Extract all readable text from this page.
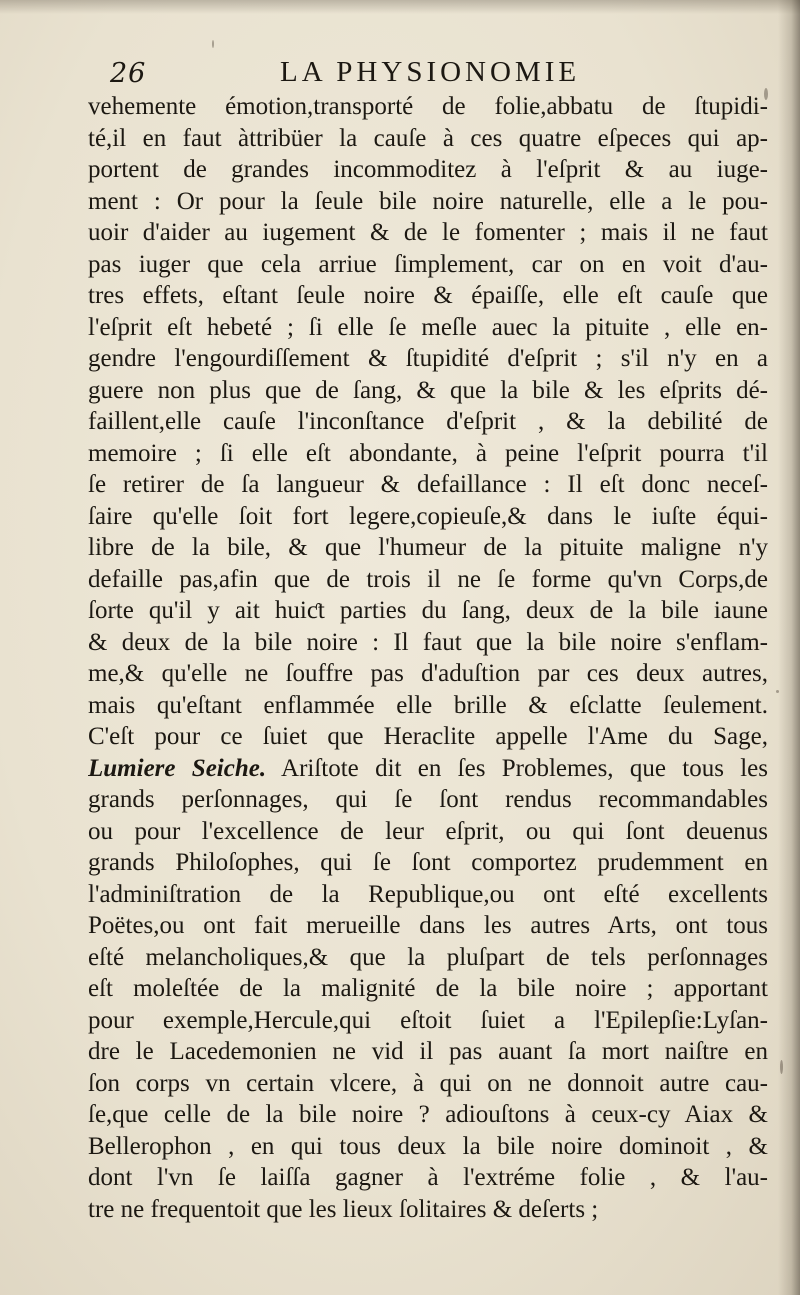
26	LA PHYSIONOMIE
vehemente émotion,transporté de folie,abbatu de ſtupidi-
té,il en faut àttribüer la cauſe à ces quatre eſpeces qui ap-
portent de grandes incommoditez à l'eſprit & au iuge-
ment : Or pour la ſeule bile noire naturelle, elle a le pou-
uoir d'aider au iugement & de le fomenter ; mais il ne faut
pas iuger que cela arriue ſimplement, car on en voit d'au-
tres effets, eſtant ſeule noire & épaiſſe, elle eſt cauſe que
l'eſprit eſt hebeté ; ſi elle ſe meſle auec la pituite , elle en-
gendre l'engourdiſſement & ſtupidité d'eſprit ; s'il n'y en a
guere non plus que de ſang, & que la bile & les eſprits dé-
faillent,elle cauſe l'inconſtance d'eſprit , & la debilité de
memoire ; ſi elle eſt abondante, à peine l'eſprit pourra t'il
ſe retirer de ſa langueur & defaillance : Il eſt donc neceſ-
ſaire qu'elle ſoit fort legere,copieuſe,& dans le iuſte équi-
libre de la bile, & que l'humeur de la pituite maligne n'y
defaille pas,afin que de trois il ne ſe forme qu'vn Corps,de
ſorte qu'il y ait huiƈt parties du ſang, deux de la bile iaune
& deux de la bile noire : Il faut que la bile noire s'enflam-
me,& qu'elle ne ſouffre pas d'aduſtion par ces deux autres,
mais qu'eſtant enflammée elle brille & eſclatte ſeulement.
C'eſt pour ce ſuiet que Heraclite appelle l'Ame du Sage,
Lumiere Seiche. Ariſtote dit en ſes Problemes, que tous les
grands perſonnages, qui ſe ſont rendus recommandables
ou pour l'excellence de leur eſprit, ou qui ſont deuenus
grands Philoſophes, qui ſe ſont comportez prudemment en
l'adminiſtration de la Republique,ou ont eſté excellents
Poëtes,ou ont fait merueille dans les autres Arts, ont tous
eſté melancholiques,& que la pluſpart de tels perſonnages
eſt moleſtée de la malignité de la bile noire ; apportant
pour exemple,Hercule,qui eſtoit ſuiet a l'Epilepſie:Lyſan-
dre le Lacedemonien ne vid il pas auant ſa mort naiſtre en
ſon corps vn certain vlcere, à qui on ne donnoit autre cau-
ſe,que celle de la bile noire ? adiouſtons à ceux-cy Aiax &
Bellerophon , en qui tous deux la bile noire dominoit , &
dont l'vn ſe laiſſa gagner à l'extréme folie , & l'au-
tre ne frequentoit que les lieux ſolitaires & deſerts ;
